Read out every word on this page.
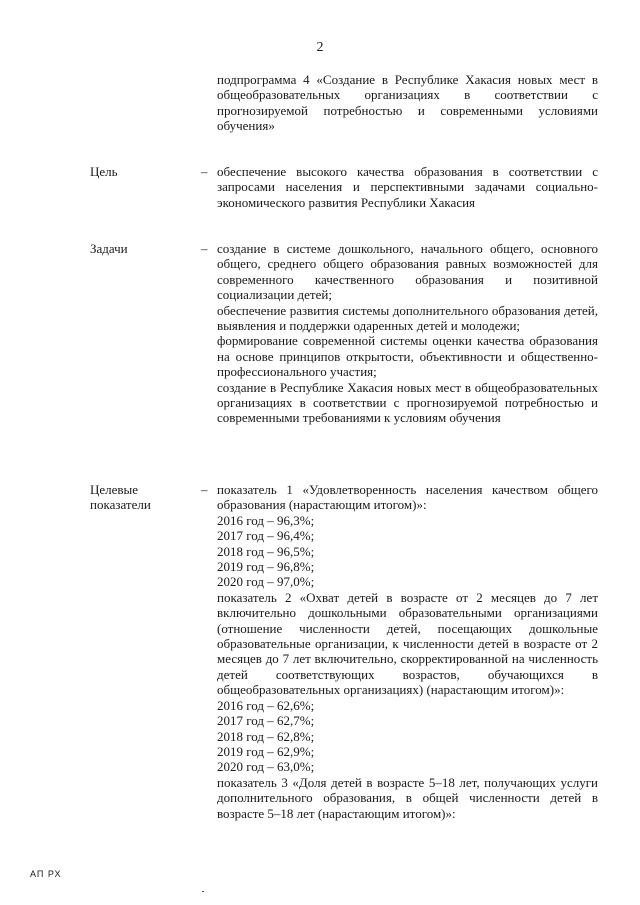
2

подпрограмма 4 «Создание в Республике Хакасия новых мест в общеобразовательных организациях в соответствии с прогнозируемой потребностью и современными условиями обучения»

Цель	– обеспечение высокого качества образования в соответствии с запросами населения и перспективными задачами социально-экономического развития Республики Хакасия

Задачи	– создание в системе дошкольного, начального общего, основного общего, среднего общего образования равных возможностей для современного качественного образования и позитивной социализации детей;

обеспечение развития системы дополнительного образования детей, выявления и поддержки одаренных детей и молодежи;

формирование современной системы оценки качества образования на основе принципов открытости, объективности и общественно-профессионального участия;

создание в Республике Хакасия новых мест в общеобразовательных организациях в соответствии с прогнозируемой потребностью и современными требованиями к условиям обучения

Целевые
показатели
– показатель 1 «Удовлетворенность населения качеством общего образования (нарастающим итогом)»:

2016 год – 96,3%;
2017 год – 96,4%;
2018 год – 96,5%;
2019 год – 96,8%;
2020 год – 97,0%;

показатель 2 «Охват детей в возрасте от 2 месяцев до 7 лет включительно дошкольными образовательными организациями (отношение численности детей, посещающих дошкольные образовательные организации, к численности детей в возрасте от 2 месяцев до 7 лет включительно, скорректированной на численность детей соответствующих возрастов, обучающихся в общеобразовательных организациях) (нарастающим итогом)»:

2016 год – 62,6%;
2017 год – 62,7%;
2018 год – 62,8%;
2019 год – 62,9%;
2020 год – 63,0%;

показатель 3 «Доля детей в возрасте 5–18 лет, получающих услуги дополнительного образования, в общей численности детей в возрасте 5–18 лет (нарастающим итогом)»:

АП РХ
